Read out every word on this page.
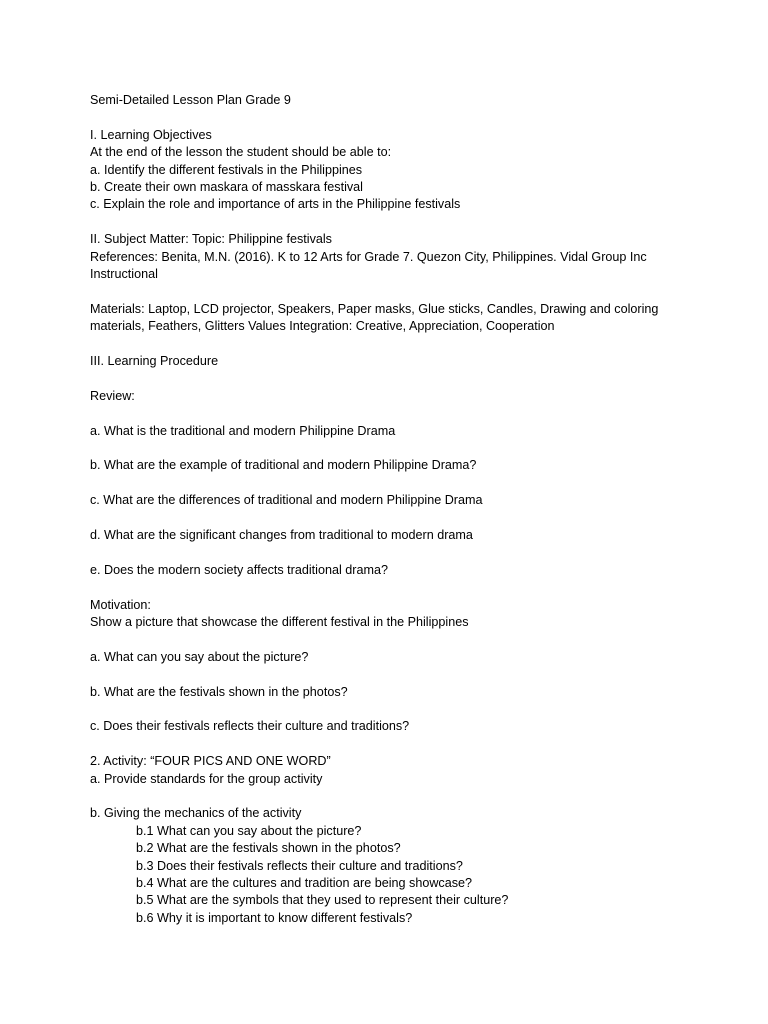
Semi-Detailed Lesson Plan Grade 9
I. Learning Objectives
At the end of the lesson the student should be able to:
a. Identify the different festivals in the Philippines
b. Create their own maskara of masskara festival
c. Explain the role and importance of arts in the Philippine festivals
II. Subject Matter: Topic: Philippine festivals
References: Benita, M.N. (2016). K to 12 Arts for Grade 7. Quezon City, Philippines. Vidal Group Inc Instructional
Materials: Laptop, LCD projector, Speakers, Paper masks, Glue sticks, Candles, Drawing and coloring materials, Feathers, Glitters Values Integration: Creative, Appreciation, Cooperation
III. Learning Procedure
Review:
a. What is the traditional and modern Philippine Drama
b. What are the example of traditional and modern Philippine Drama?
c. What are the differences of traditional and modern Philippine Drama
d. What are the significant changes from traditional to modern drama
e. Does the modern society affects traditional drama?
Motivation:
Show a picture that showcase the different festival in the Philippines
a. What can you say about the picture?
b. What are the festivals shown in the photos?
c. Does their festivals reflects their culture and traditions?
2. Activity: “FOUR PICS AND ONE WORD”
a. Provide standards for the group activity
b. Giving the mechanics of the activity
b.1 What can you say about the picture?
b.2 What are the festivals shown in the photos?
b.3 Does their festivals reflects their culture and traditions?
b.4 What are the cultures and tradition are being showcase?
b.5 What are the symbols that they used to represent their culture?
b.6 Why it is important to know different festivals?
